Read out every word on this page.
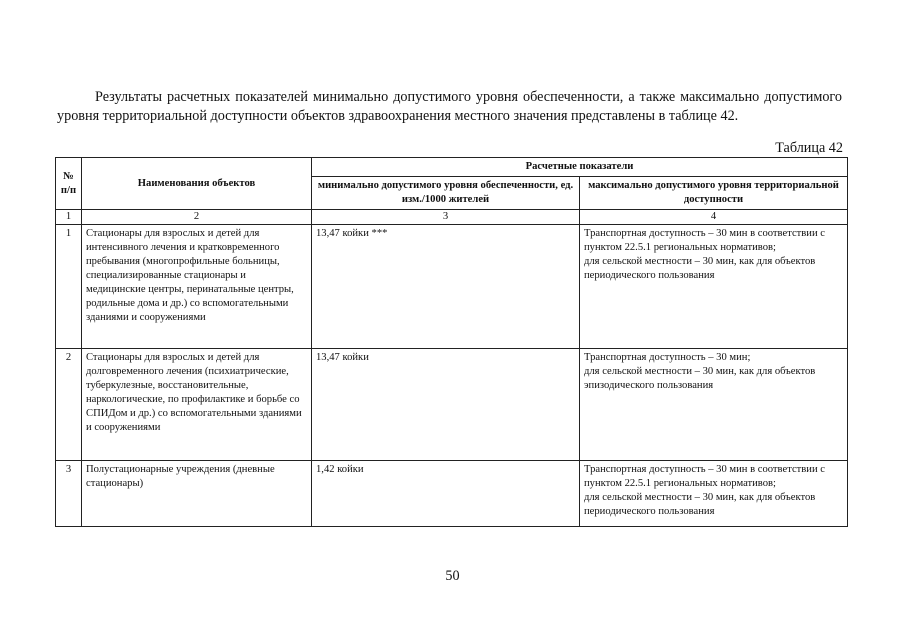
Результаты расчетных показателей минимально допустимого уровня обеспеченности, а также максимально допустимого уровня территориальной доступности объектов здравоохранения местного значения представлены в таблице 42.

Таблица 42
№ п/п	Наименования объектов	Расчетные показатели	
		минимально допустимого уровня обеспеченности, ед. изм./1000 жителей	максимально допустимого уровня территориальной доступности
1	2	3	4
1	Стационары для взрослых и детей для интенсивного лечения и кратковременного пребывания (многопрофильные больницы, специализированные стационары и медицинские центры, перинатальные центры, родильные дома и др.) со вспомогательными зданиями и сооружениями	13,47 койки ***	Транспортная доступность – 30 мин в соответствии с пунктом 22.5.1 региональных нормативов;
для сельской местности – 30 мин, как для объектов периодического пользования
2	Стационары для взрослых и детей для долговременного лечения (психиатрические, туберкулезные, восстановительные, наркологические, по профилактике и борьбе со СПИДом и др.) со вспомогательными зданиями и сооружениями	13,47 койки	Транспортная доступность – 30 мин;
для сельской местности – 30 мин, как для объектов эпизодического пользования
3	Полустационарные учреждения (дневные стационары)	1,42 койки	Транспортная доступность – 30 мин в соответствии с пунктом 22.5.1 региональных нормативов;
для сельской местности – 30 мин, как для объектов периодического пользования
50
